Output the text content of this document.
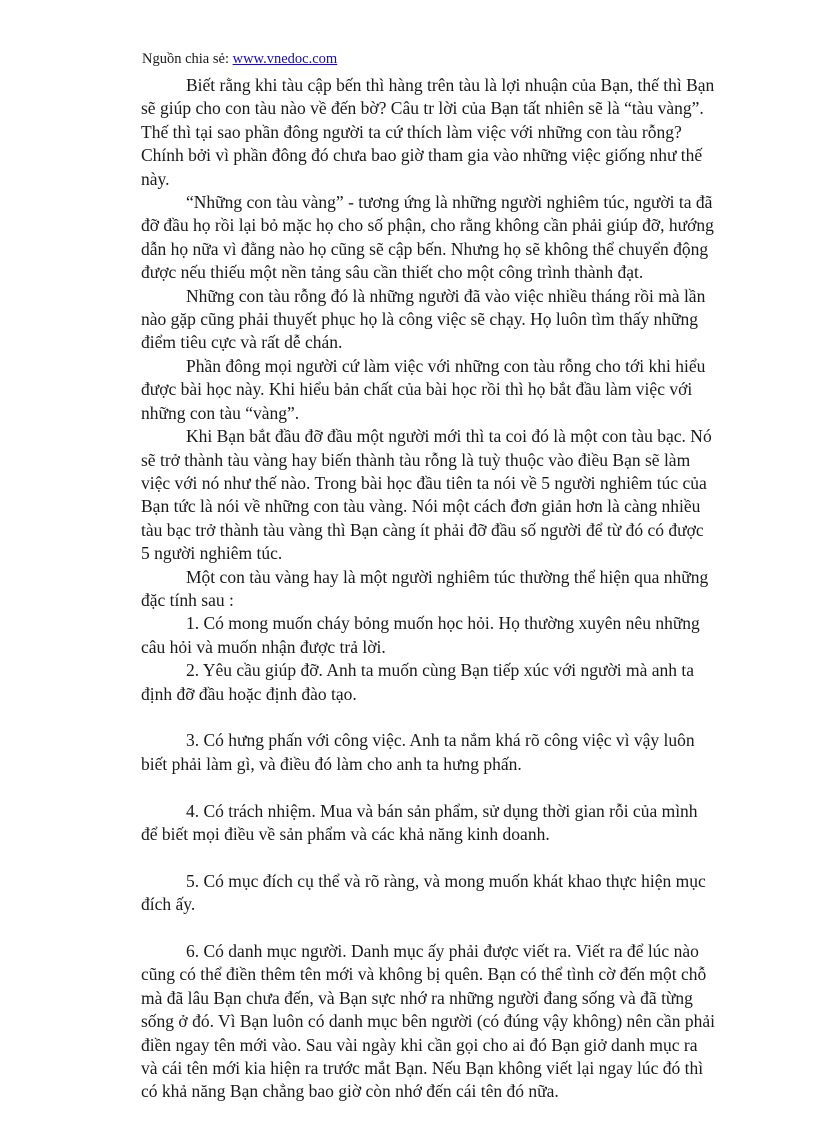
Nguồn chia sẻ: www.vnedoc.com

Biết rằng khi tàu cập bến thì hàng trên tàu là lợi nhuận của Bạn, thế thì Bạn sẽ giúp cho con tàu nào về đến bờ? Câu tr lời của Bạn tất nhiên sẽ là “tàu vàng”. Thế thì tại sao phần đông người ta cứ thích làm việc với những con tàu rỗng? Chính bởi vì phần đông đó chưa bao giờ tham gia vào những việc giống như thế này.

“Những con tàu vàng” - tương ứng là những người nghiêm túc, người ta đã đỡ đầu họ rồi lại bỏ mặc họ cho số phận, cho rằng không cần phải giúp đỡ, hướng dẫn họ nữa vì đằng nào họ cũng sẽ cập bến. Nhưng họ sẽ không thể chuyển động được nếu thiếu một nền tảng sâu cần thiết cho một công trình thành đạt.

Những con tàu rỗng đó là những người đã vào việc nhiều tháng rồi mà lần nào gặp cũng phải thuyết phục họ là công việc sẽ chạy. Họ luôn tìm thấy những điểm tiêu cực và rất dễ chán.

Phần đông mọi người cứ làm việc với những con tàu rỗng cho tới khi hiểu được bài học này. Khi hiểu bản chất của bài học rồi thì họ bắt đầu làm việc với những con tàu “vàng”.

Khi Bạn bắt đầu đỡ đầu một người mới thì ta coi đó là một con tàu bạc. Nó sẽ trở thành tàu vàng hay biến thành tàu rỗng là tuỳ thuộc vào điều Bạn sẽ làm việc với nó như thế nào. Trong bài học đầu tiên ta nói về 5 người nghiêm túc của Bạn tức là nói về những con tàu vàng. Nói một cách đơn giản hơn là càng nhiều tàu bạc trở thành tàu vàng thì Bạn càng ít phải đỡ đầu số người để từ đó có được 5 người nghiêm túc.

Một con tàu vàng hay là một người nghiêm túc thường thể hiện qua những đặc tính sau :

1. Có mong muốn cháy bỏng muốn học hỏi. Họ thường xuyên nêu những câu hỏi và muốn nhận được trả lời.

2. Yêu cầu giúp đỡ. Anh ta muốn cùng Bạn tiếp xúc với người mà anh ta định đỡ đầu hoặc định đào tạo.

3. Có hưng phấn với công việc. Anh ta nắm khá rõ công việc vì vậy luôn biết phải làm gì, và điều đó làm cho anh ta hưng phấn.

4. Có trách nhiệm. Mua và bán sản phẩm, sử dụng thời gian rỗi của mình để biết mọi điều về sản phẩm và các khả năng kinh doanh.

5. Có mục đích cụ thể và rõ ràng, và mong muốn khát khao thực hiện mục đích ấy.

6. Có danh mục người. Danh mục ấy phải được viết ra. Viết ra để lúc nào cũng có thể điền thêm tên mới và không bị quên. Bạn có thể tình cờ đến một chỗ mà đã lâu Bạn chưa đến, và Bạn sực nhớ ra những người đang sống và đã từng sống ở đó. Vì Bạn luôn có danh mục bên người (có đúng vậy không) nên cần phải điền ngay tên mới vào. Sau vài ngày khi cần gọi cho ai đó Bạn giở danh mục ra và cái tên mới kia hiện ra trước mắt Bạn. Nếu Bạn không viết lại ngay lúc đó thì có khả năng Bạn chẳng bao giờ còn nhớ đến cái tên đó nữa.
